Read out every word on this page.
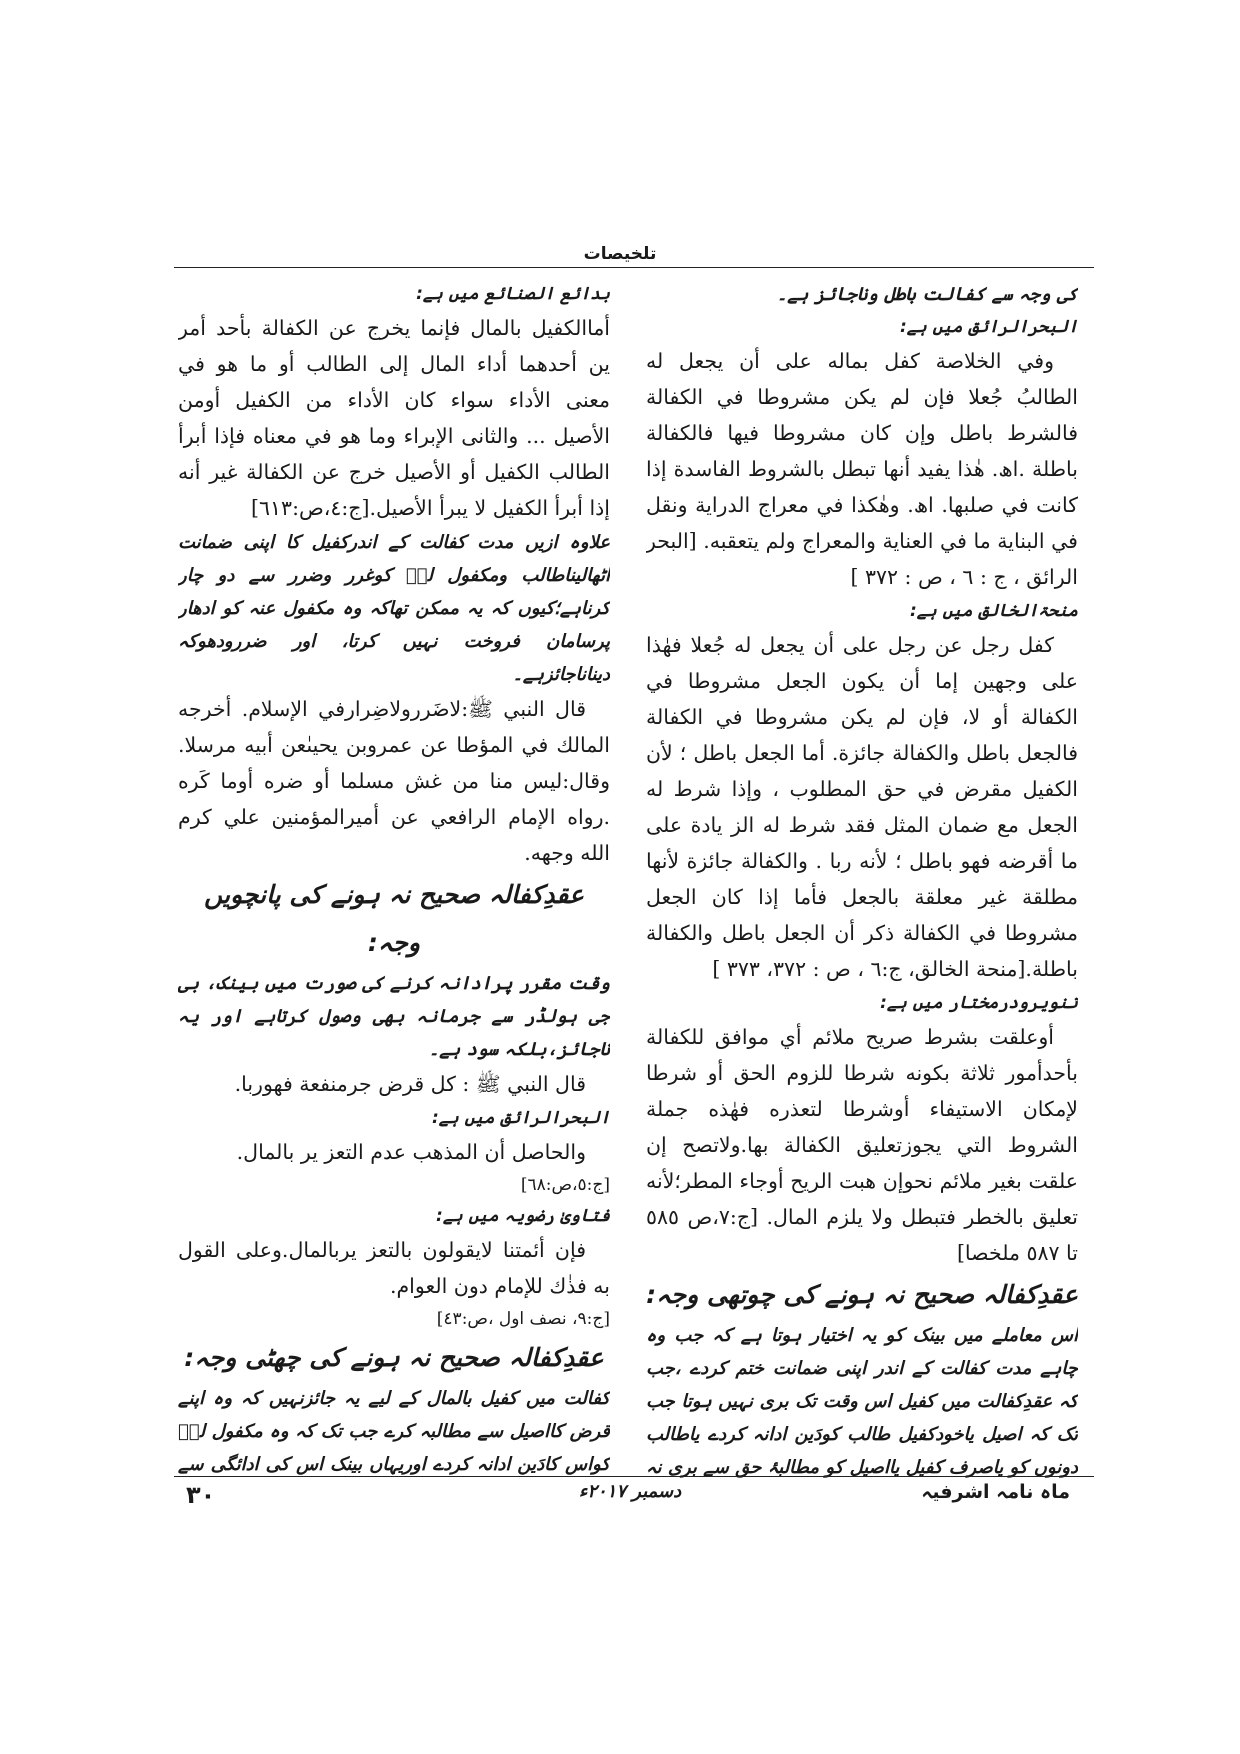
تلخيصات

کی وجہ سے کفالت باطل وناجائز ہے۔

البحرالرائق میں ہے:

وفي الخلاصة كفل بماله على أن يجعل له الطالبُ جُعلا فإن لم يكن مشروطا في الكفالة فالشرط باطل وإن كان مشروطا فيها فالكفالة باطلة .اھ. هٰذا يفيد أنها تبطل بالشروط الفاسدة إذا كانت في صلبها. اھ. وهٰكذا في معراج الدراية ونقل في البناية ما في العناية والمعراج ولم يتعقبه. [البحر الرائق ، ج : ٦ ، ص : ٣٧٢ ]

منحۃالخالق میں ہے:

كفل رجل عن رجل على أن يجعل له جُعلا فهٰذا على وجهين إما أن يكون الجعل مشروطا في الكفالة أو لا، فإن لم يكن مشروطا في الكفالة فالجعل باطل والكفالة جائزة. أما الجعل باطل ؛ لأن الكفيل مقرض في حق المطلوب ، وإذا شرط له الجعل مع ضمان المثل فقد شرط له الز يادة على ما أقرضه فهو باطل ؛ لأنه ربا . والكفالة جائزة لأنها مطلقة غير معلقة بالجعل فأما إذا كان الجعل مشروطا في الكفالة ذكر أن الجعل باطل والكفالة باطلة.[منحة الخالق، ج:٦ ، ص : ٣٧٢، ٣٧٣ ]

تنویرودرمختار میں ہے:

أوعلقت بشرط صريح ملائم أي موافق للكفالة بأحدأمور ثلاثة بكونه شرطا للزوم الحق أو شرطا لإمكان الاستيفاء أوشرطا لتعذره فهٰذه جملة الشروط التي يجوزتعليق الكفالة بها.ولاتصح إن علقت بغير ملائم نحوإن هبت الريح أوجاء المطر؛لأنه تعليق بالخطر فتبطل ولا يلزم المال. [ج:٧،ص ٥٨٥ تا ٥٨٧ ملخصا]

عقدِکفالہ صحیح نہ ہونے کی چوتھی وجہ:

اس معاملے میں بینک کو یہ اختیار ہوتا ہے کہ جب وہ چاہے مدت کفالت کے اندر اپنی ضمانت ختم کردے ،جب کہ عقدِکفالت میں کفیل اس وقت تک بری نہیں ہوتا جب تک کہ اصیل یاخودکفیل طالب کودَین ادانہ کردے یاطالب دونوں کو یاصرف کفیل یااصیل کو مطالبۂ حق سے بری نہ

بدائع الصنائع میں ہے:

أماالكفيل بالمال فإنما يخرج عن الكفالة بأحد أمر ين أحدهما أداء المال إلى الطالب أو ما هو في معنى الأداء سواء كان الأداء من الكفيل أومن الأصيل ... والثانى الإبراء وما هو في معناه فإذا أبرأ الطالب الكفيل أو الأصيل خرج عن الكفالة غير أنه إذا أبرأ الكفيل لا يبرأ الأصيل.[ج:٤،ص:٦١٣]

علاوہ ازیں مدت کفالت کے اندرکفیل کا اپنی ضمانت اٹھالیناطالب ومکفول لہٗ کوغرر وضرر سے دو چار کرناہے؛کیوں کہ یہ ممکن تھاکہ وہ مکفول عنہ کو ادھار پرسامان فروخت نہیں کرتا، اور ضررودھوکہ دیناناجائزہے۔

قال النبي ﷺ:لاضَررولاضِرارفي الإسلام. أخرجه المالك في المؤطا عن عمروبن يحيىٰعن أبيه مرسلا. وقال:ليس منا من غش مسلما أو ضره أوما كَره .رواه الإمام الرافعي عن أميرالمؤمنين علي كرم الله وجهه.

عقدِکفالہ صحیح نہ ہونے کی پانچویں وجہ:

وقت مقرر پرادانہ کرنے کی صورت میں بینک، بی جی ہولڈر سے جرمانہ بھی وصول کرتاہے اور یہ ناجائز،بلکہ سود ہے۔

قال النبي ﷺ : كل قرض جرمنفعة فهوربا.

البحرالرائق میں ہے:

والحاصل أن المذهب عدم التعز ير بالمال.

[ج:٥،ص:٦٨]

فتاویٰ رضویہ میں ہے:

فإن أئمتنا لايقولون بالتعز يربالمال.وعلى القول به فذٰك للإمام دون العوام.

[ج:۹، نصف اول ،ص:٤٣]

عقدِکفالہ صحیح نہ ہونے کی چھٹی وجہ:

کفالت میں کفیل بالمال کے لیے یہ جائزنہیں کہ وہ اپنے قرض کااصیل سے مطالبہ کرے جب تک کہ وہ مکفول لہٗ کواس کادَین ادانہ کردے اوریہاں بینک اس کی ادائگی سے

٣٠	دسمبر ٢٠١٧ء	ماہ نامہ اشرفیہ
